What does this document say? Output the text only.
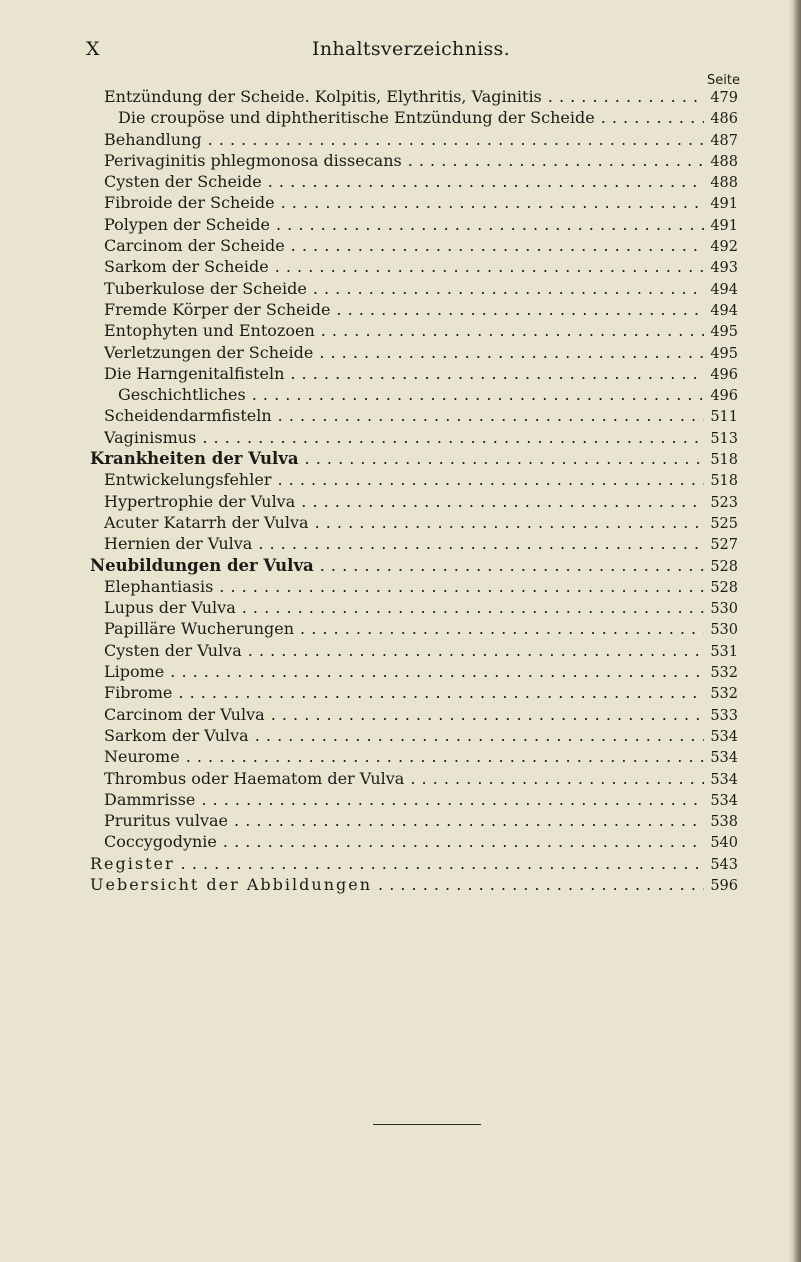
X	Inhaltsverzeichniss.
Seite
Entzündung der Scheide. Kolpitis, Elythritis, Vaginitis . . .	479
Die croupöse und diphtheritische Entzündung der Scheide . . .	486
Behandlung . . .	487
Perivaginitis phlegmonosa dissecans . . .	488
Cysten der Scheide . . .	488
Fibroide der Scheide . . .	491
Polypen der Scheide . . .	491
Carcinom der Scheide . . .	492
Sarkom der Scheide . . .	493
Tuberkulose der Scheide . . .	494
Fremde Körper der Scheide . . .	494
Entophyten und Entozoen . . .	495
Verletzungen der Scheide . . .	495
Die Harngenitalfisteln . . .	496
Geschichtliches . . .	496
Scheidendarmfisteln . . .	511
Vaginismus . . .	513
Krankheiten der Vulva . . .	518
Entwickelungsfehler . . .	518
Hypertrophie der Vulva . . .	523
Acuter Katarrh der Vulva . . .	525
Hernien der Vulva . . .	527
Neubildungen der Vulva . . .	528
Elephantiasis . . .	528
Lupus der Vulva . . .	530
Papilläre Wucherungen . . .	530
Cysten der Vulva . . .	531
Lipome . . .	532
Fibrome . . .	532
Carcinom der Vulva . . .	533
Sarkom der Vulva . . .	534
Neurome . . .	534
Thrombus oder Haematom der Vulva . . .	534
Dammrisse . . .	534
Pruritus vulvae . . .	538
Coccygodynie . . .	540
Register . . .	543
Uebersicht der Abbildungen . . .	596
